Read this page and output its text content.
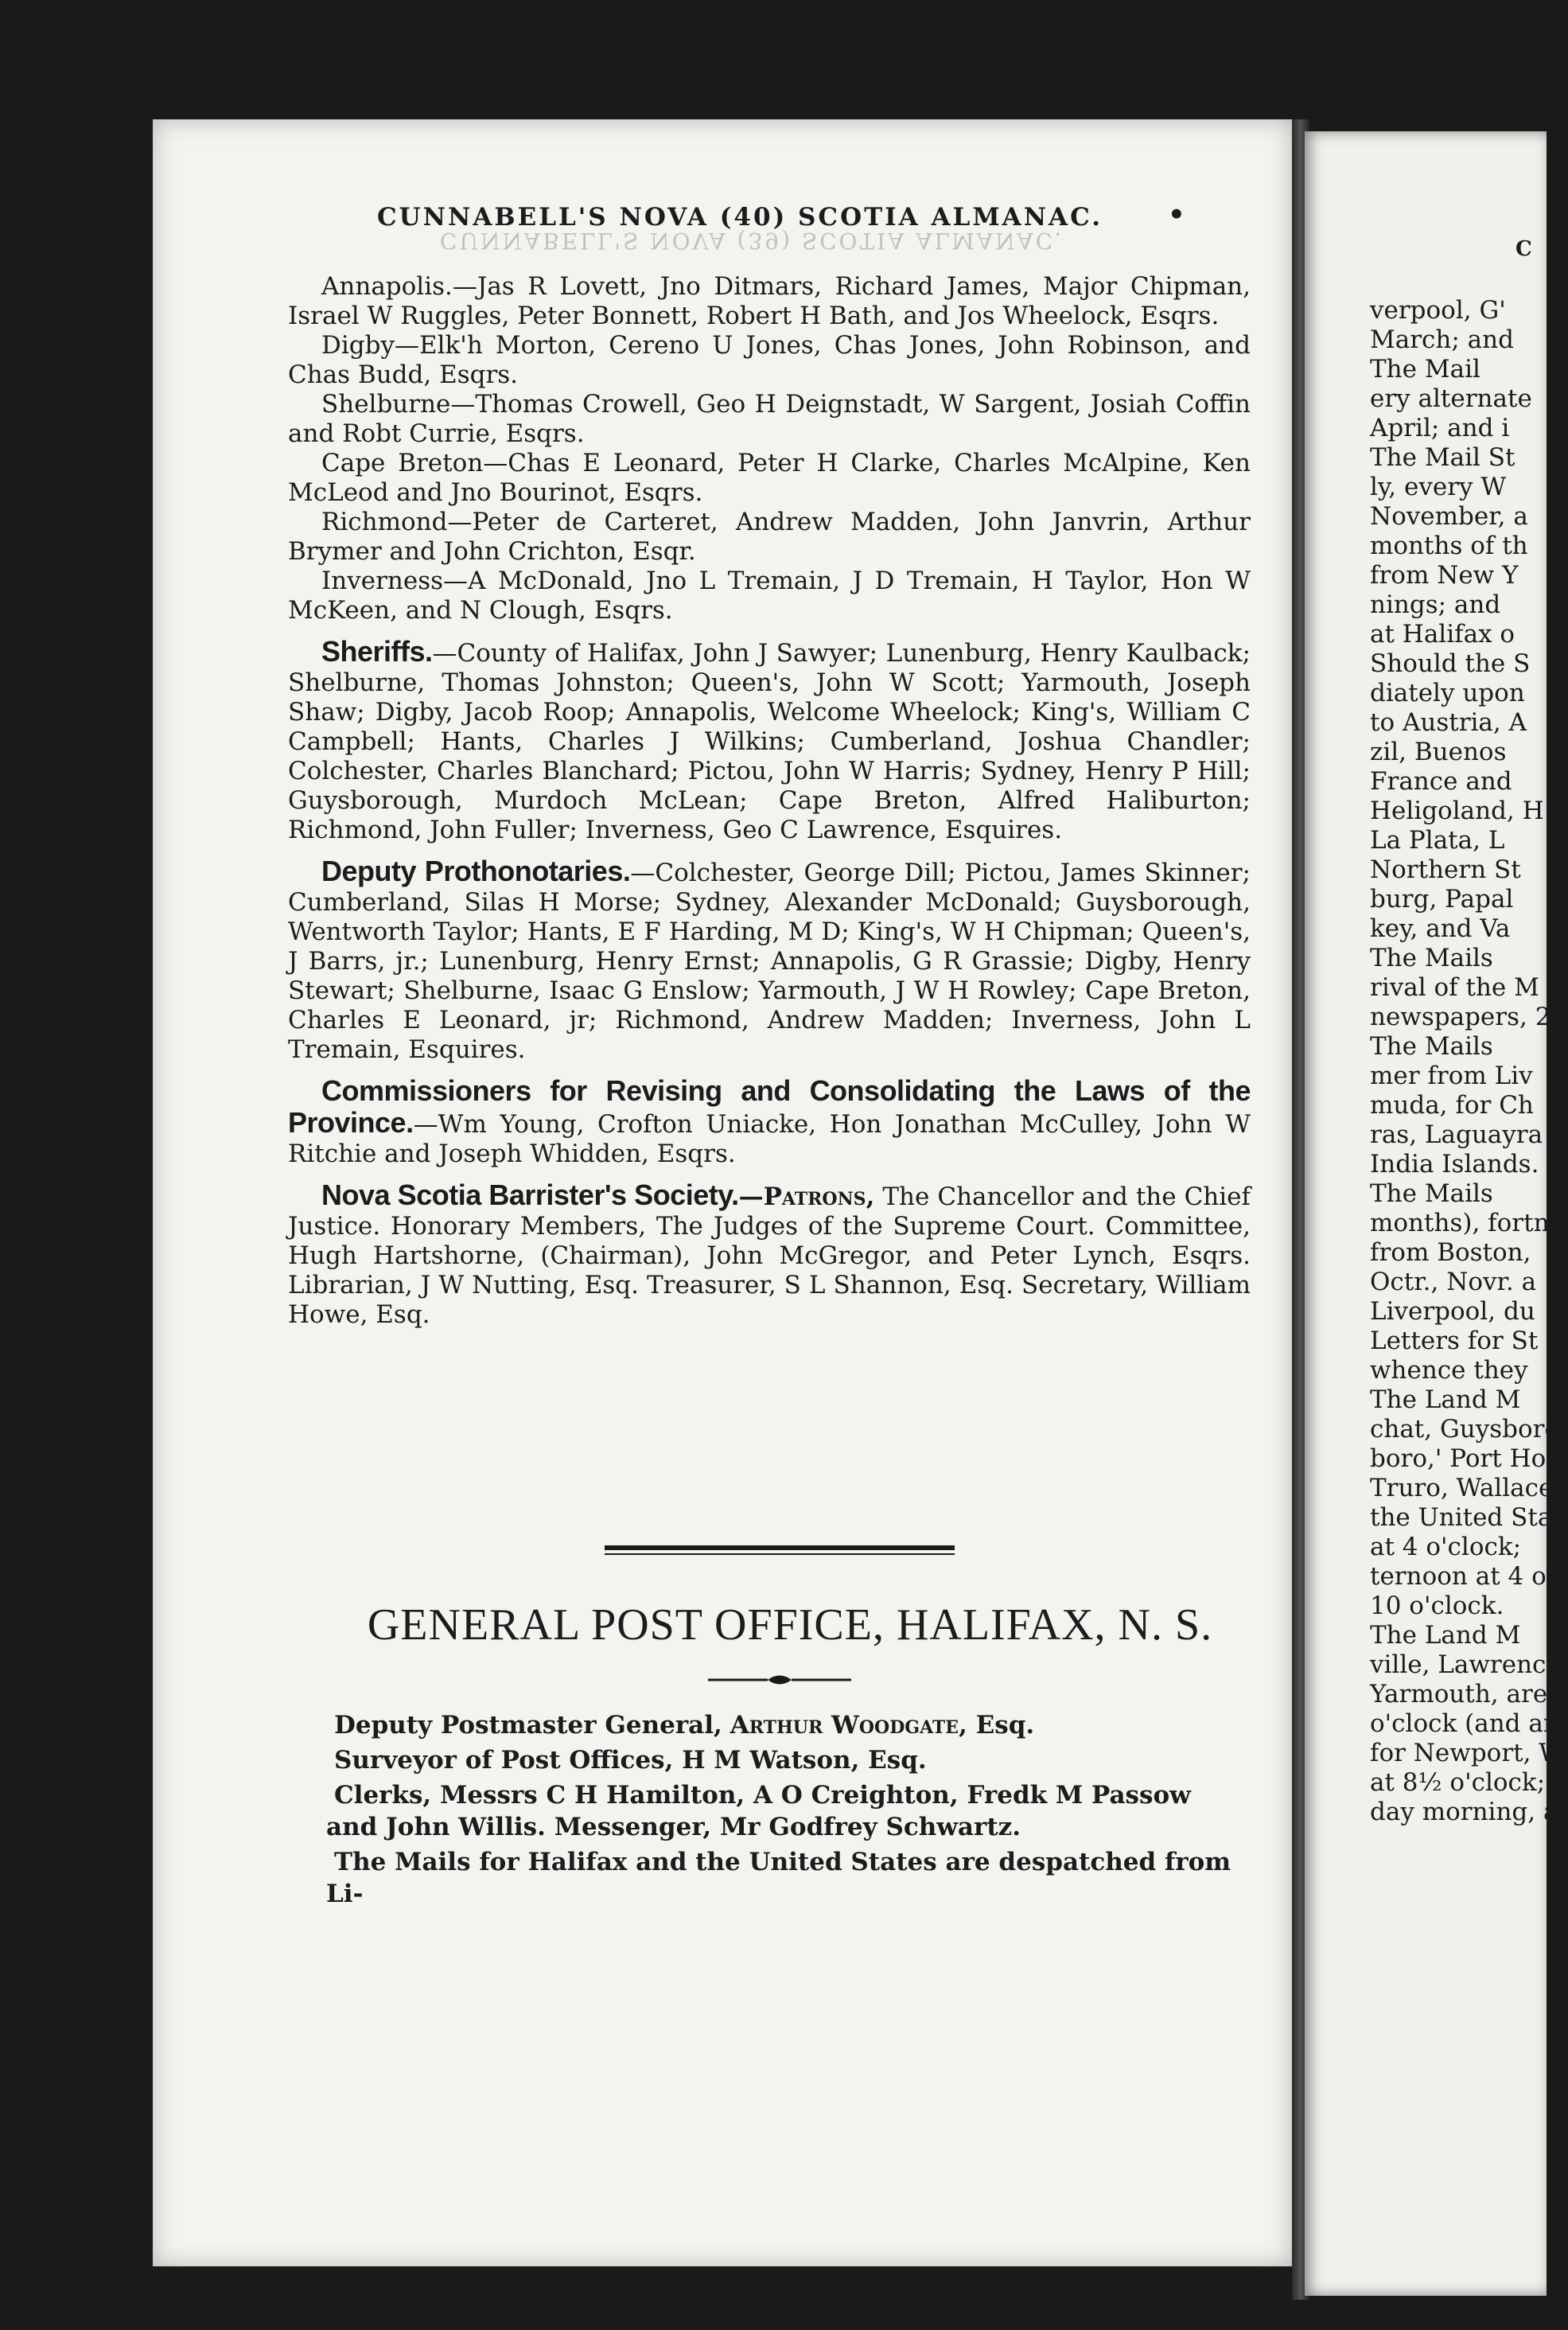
CUNNABELL'S NOVA (39) SCOTIA ALMANAC.
CUNNABELL'S NOVA (40) SCOTIA ALMANAC.	•

Annapolis.—Jas R Lovett, Jno Ditmars, Richard James, Major Chipman, Israel W Ruggles, Peter Bonnett, Robert H Bath, and Jos Wheelock, Esqrs.

Digby—Elk'h Morton, Cereno U Jones, Chas Jones, John Robinson, and Chas Budd, Esqrs.

Shelburne—Thomas Crowell, Geo H Deignstadt, W Sargent, Josiah Coffin and Robt Currie, Esqrs.

Cape Breton—Chas E Leonard, Peter H Clarke, Charles McAlpine, Ken McLeod and Jno Bourinot, Esqrs.

Richmond—Peter de Carteret, Andrew Madden, John Janvrin, Arthur Brymer and John Crichton, Esqr.

Inverness—A McDonald, Jno L Tremain, J D Tremain, H Taylor, Hon W McKeen, and N Clough, Esqrs.

Sheriffs.—County of Halifax, John J Sawyer; Lunenburg, Henry Kaulback; Shelburne, Thomas Johnston; Queen's, John W Scott; Yarmouth, Joseph Shaw; Digby, Jacob Roop; Annapolis, Welcome Wheelock; King's, William C Campbell; Hants, Charles J Wilkins; Cumberland, Joshua Chandler; Colchester, Charles Blanchard; Pictou, John W Harris; Sydney, Henry P Hill; Guysborough, Murdoch McLean; Cape Breton, Alfred Haliburton; Richmond, John Fuller; Inverness, Geo C Lawrence, Esquires.

Deputy Prothonotaries.—Colchester, George Dill; Pictou, James Skinner; Cumberland, Silas H Morse; Sydney, Alexander McDonald; Guysborough, Wentworth Taylor; Hants, E F Harding, M D; King's, W H Chipman; Queen's, J Barrs, jr.; Lunenburg, Henry Ernst; Annapolis, G R Grassie; Digby, Henry Stewart; Shelburne, Isaac G Enslow; Yarmouth, J W H Rowley; Cape Breton, Charles E Leonard, jr; Richmond, Andrew Madden; Inverness, John L Tremain, Esquires.

Commissioners for Revising and Consolidating the Laws of the Province.—Wm Young, Crofton Uniacke, Hon Jonathan McCulley, John W Ritchie and Joseph Whidden, Esqrs.

Nova Scotia Barrister's Society.—Patrons, The Chancellor and the Chief Justice. Honorary Members, The Judges of the Supreme Court. Committee, Hugh Hartshorne, (Chairman), John McGregor, and Peter Lynch, Esqrs. Librarian, J W Nutting, Esq. Treasurer, S L Shannon, Esq. Secretary, William Howe, Esq.

GENERAL POST OFFICE, HALIFAX, N. S.

Deputy Postmaster General, Arthur Woodgate, Esq.

Surveyor of Post Offices, H M Watson, Esq.

Clerks, Messrs C H Hamilton, A O Creighton, Fredk M Passow and John Willis. Messenger, Mr Godfrey Schwartz.

The Mails for Halifax and the United States are despatched from Li-

C
verpool, G'
March; and
The Mail
ery alternate
April; and i
The Mail St
ly, every W
November, a
months of th
from New Y
nings; and
at Halifax o
Should the S
diately upon
to Austria, A
zil, Buenos
France and
Heligoland, H
La Plata, L
Northern St
burg, Papal
key, and Va
The Mails
rival of the M
newspapers, 2
The Mails
mer from Liv
muda, for Ch
ras, Laguayra
India Islands.
The Mails
months), fortn
from Boston,
Octr., Novr. a
Liverpool, du
Letters for St
whence they
The Land M
chat, Guysboro
boro,' Port Ho
Truro, Wallace
the United Sta
at 4 o'clock;
ternoon at 4 o'c
10 o'clock.
The Land M
ville, Lawrence
Yarmouth, are
o'clock (and ar
for Newport, W
at 8½ o'clock;
day morning, at
